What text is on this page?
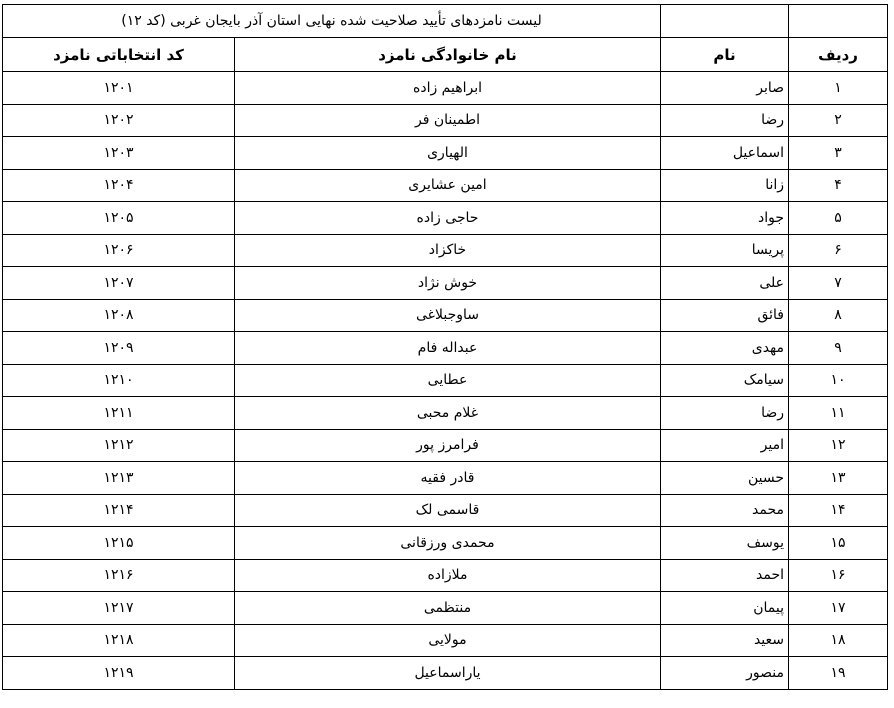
		لیست نامزدهای تأیید صلاحیت شده نهایی استان آذر بایجان غربی (کد ۱۲)	
ردیف	نام	نام خانوادگی نامزد	کد انتخاباتی نامزد
۱	صابر	ابراهیم زاده	۱۲۰۱
۲	رضا	اطمینان فر	۱۲۰۲
۳	اسماعیل	الهیاری	۱۲۰۳
۴	زانا	امین عشایری	۱۲۰۴
۵	جواد	حاجی زاده	۱۲۰۵
۶	پریسا	خاکزاد	۱۲۰۶
۷	علی	خوش نژاد	۱۲۰۷
۸	فائق	ساوجبلاغی	۱۲۰۸
۹	مهدی	عبداله فام	۱۲۰۹
۱۰	سیامک	عطایی	۱۲۱۰
۱۱	رضا	غلام محبی	۱۲۱۱
۱۲	امیر	فرامرز پور	۱۲۱۲
۱۳	حسین	قادر فقیه	۱۲۱۳
۱۴	محمد	قاسمی لک	۱۲۱۴
۱۵	یوسف	محمدی ورزقانی	۱۲۱۵
۱۶	احمد	ملازاده	۱۲۱۶
۱۷	پیمان	منتظمی	۱۲۱۷
۱۸	سعید	مولایی	۱۲۱۸
۱۹	منصور	یاراسماعیل	۱۲۱۹
